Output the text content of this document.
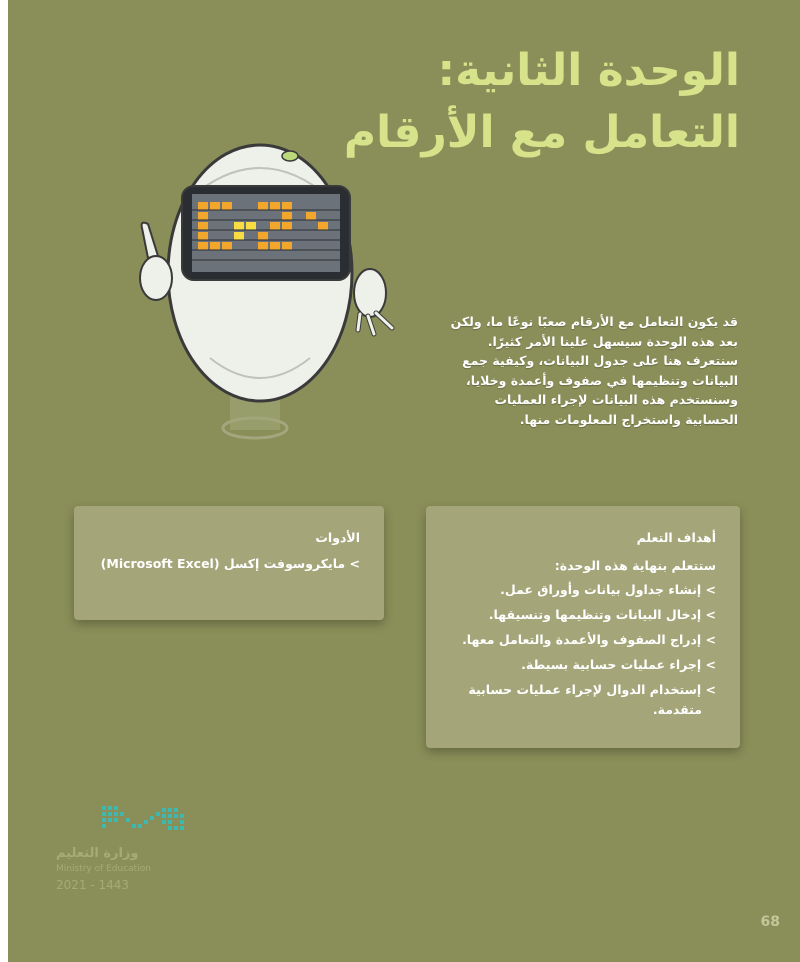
الوحدة الثانية:
التعامل مع الأرقام
قد يكون التعامل مع الأرقام صعبًا نوعًا ما، ولكن
بعد هذه الوحدة سيسهل علينا الأمر كثيرًا.
سنتعرف هنا على جدول البيانات، وكيفية جمع
البيانات وتنظيمها في صفوف وأعمدة وخلايا،
وسنستخدم هذه البيانات لإجراء العمليات
الحسابية واستخراج المعلومات منها.
الأدوات
> مايكروسوفت إكسل (Microsoft Excel)
أهداف التعلم
ستتعلم بنهاية هذه الوحدة:
> إنشاء جداول بيانات وأوراق عمل.
> إدخال البيانات وتنظيمها وتنسيقها.
> إدراج الصفوف والأعمدة والتعامل معها.
> إجراء عمليات حسابية بسيطة.
> إستخدام الدوال لإجراء عمليات حسابية
متقدمة.
وزارة التعليم
Ministry of Education
2021 - 1443
68
